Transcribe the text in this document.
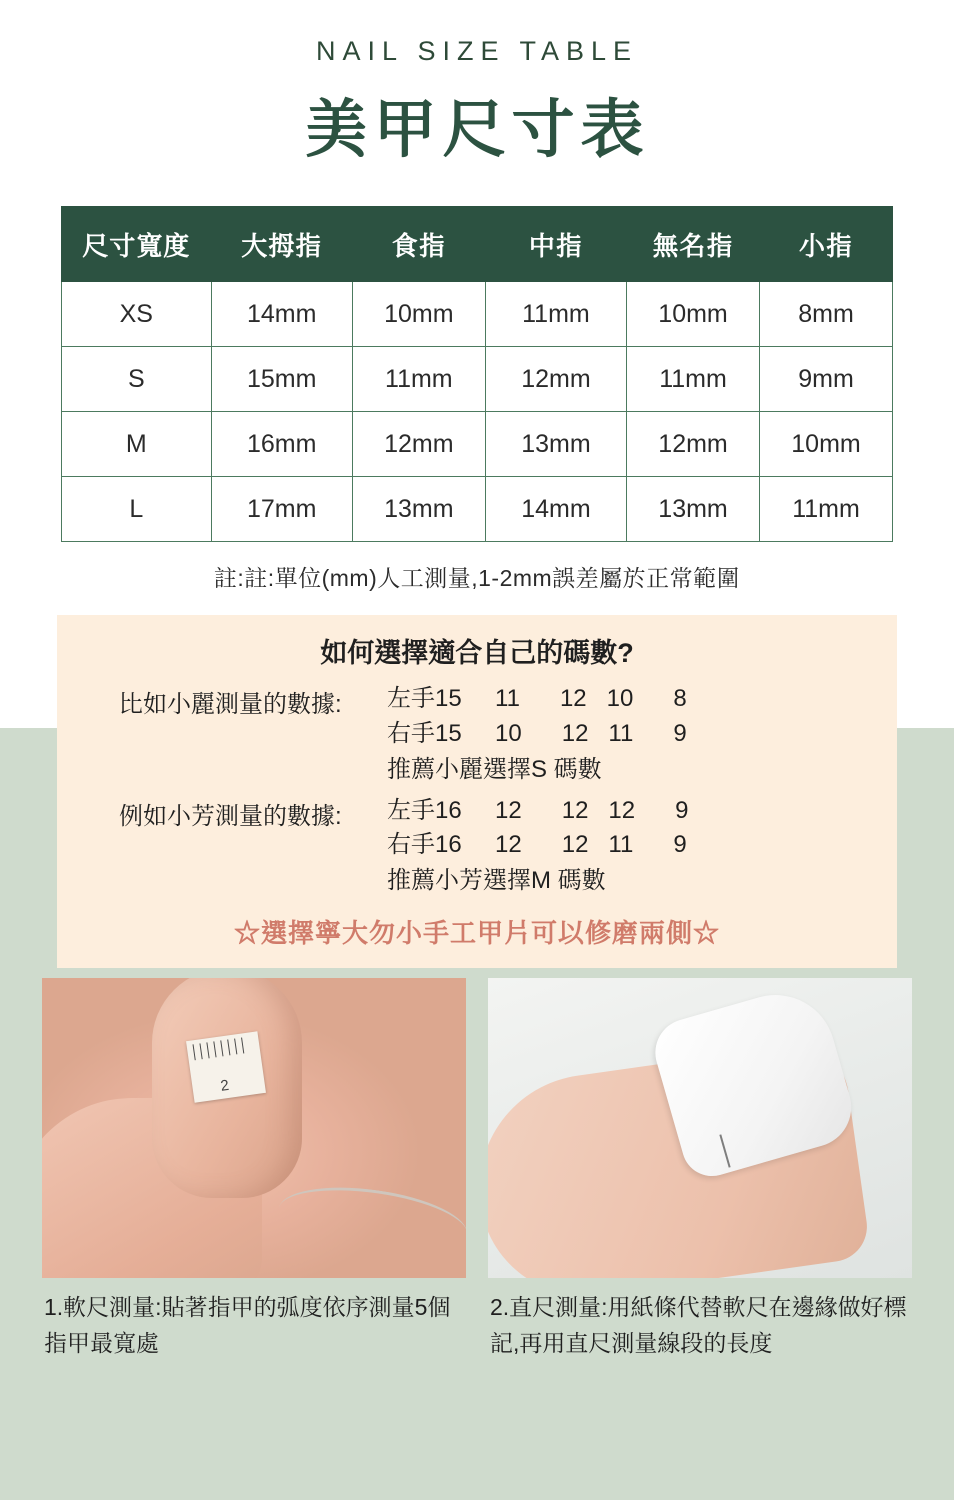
NAIL SIZE TABLE
美甲尺寸表
尺寸寬度	大拇指	食指	中指	無名指	小指
XS	14mm	10mm	11mm	10mm	8mm
S	15mm	11mm	12mm	11mm	9mm
M	16mm	12mm	13mm	12mm	10mm
L	17mm	13mm	14mm	13mm	11mm
註:註:單位(mm)人工測量,1-2mm誤差屬於正常範圍
如何選擇適合自己的碼數?
比如小麗測量的數據:	左手15     11      12   10      8
右手15     10      12   11      9
推薦小麗選擇S 碼數
例如小芳測量的數據:	左手16     12      12   12      9
右手16     12      12   11      9
推薦小芳選擇M 碼數
☆選擇寧大勿小手工甲片可以修磨兩側☆
2
1.軟尺測量:貼著指甲的弧度依序測量5個指甲最寬處
2.直尺測量:用紙條代替軟尺在邊緣做好標記,再用直尺測量線段的長度
